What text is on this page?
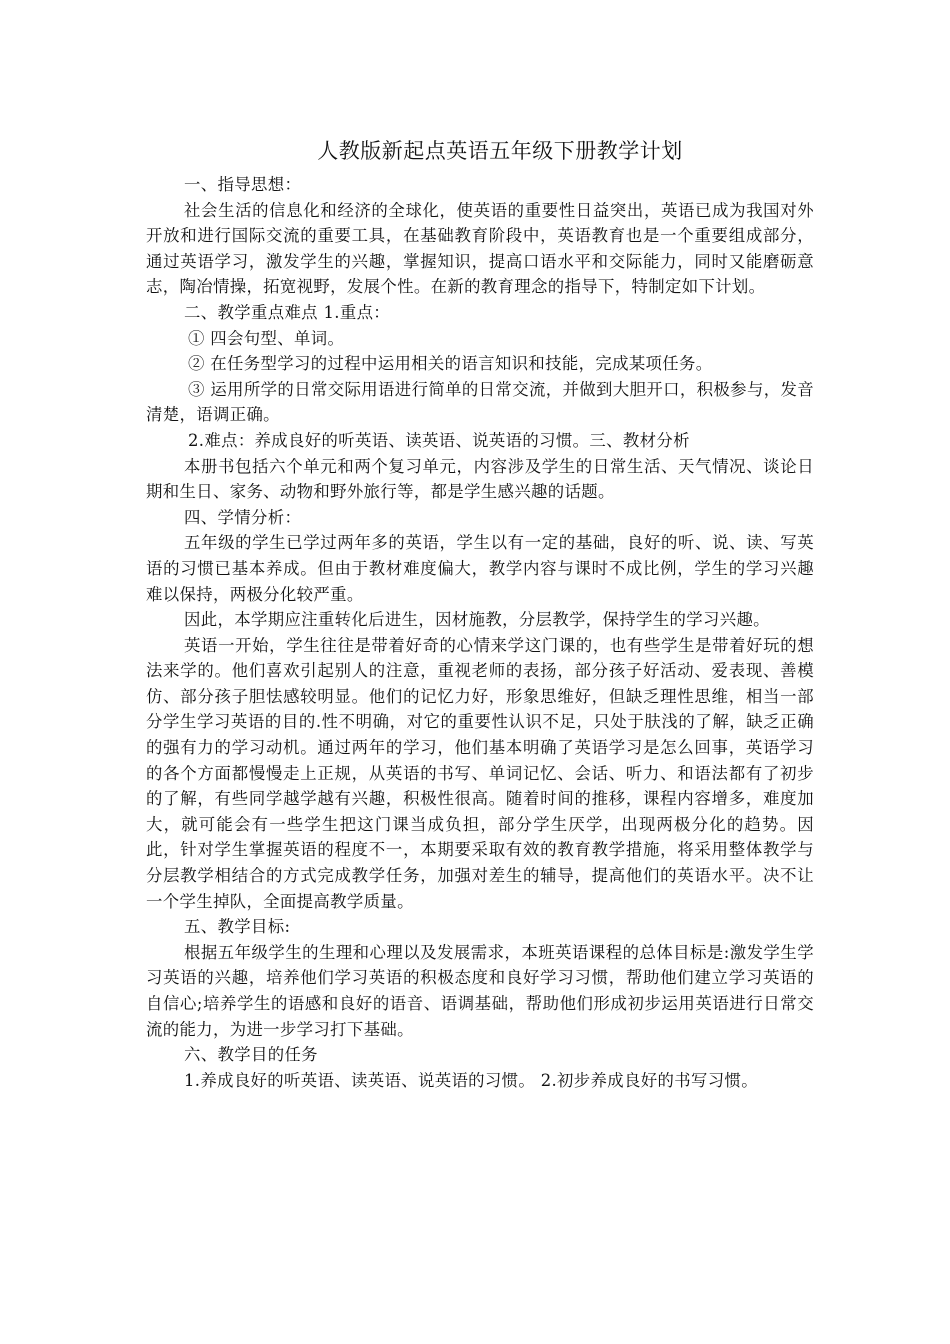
人教版新起点英语五年级下册教学计划

一、指导思想：

社会生活的信息化和经济的全球化，使英语的重要性日益突出，英语已成为我国对外开放和进行国际交流的重要工具，在基础教育阶段中，英语教育也是一个重要组成部分，通过英语学习，激发学生的兴趣，掌握知识，提高口语水平和交际能力，同时又能磨砺意志，陶冶情操，拓宽视野，发展个性。在新的教育理念的指导下，特制定如下计划。

二、教学重点难点 1.重点：

① 四会句型、单词。

② 在任务型学习的过程中运用相关的语言知识和技能，完成某项任务。

③ 运用所学的日常交际用语进行简单的日常交流，并做到大胆开口，积极参与，发音清楚，语调正确。

2.难点：养成良好的听英语、读英语、说英语的习惯。三、教材分析

本册书包括六个单元和两个复习单元，内容涉及学生的日常生活、天气情况、谈论日期和生日、家务、动物和野外旅行等，都是学生感兴趣的话题。

四、学情分析：

五年级的学生已学过两年多的英语，学生以有一定的基础，良好的听、说、读、写英语的习惯已基本养成。但由于教材难度偏大，教学内容与课时不成比例，学生的学习兴趣难以保持，两极分化较严重。

因此，本学期应注重转化后进生，因材施教，分层教学，保持学生的学习兴趣。

英语一开始，学生往往是带着好奇的心情来学这门课的，也有些学生是带着好玩的想法来学的。他们喜欢引起别人的注意，重视老师的表扬，部分孩子好活动、爱表现、善模仿、部分孩子胆怯感较明显。他们的记忆力好，形象思维好，但缺乏理性思维，相当一部分学生学习英语的目的.性不明确，对它的重要性认识不足，只处于肤浅的了解，缺乏正确的强有力的学习动机。通过两年的学习，他们基本明确了英语学习是怎么回事，英语学习的各个方面都慢慢走上正规，从英语的书写、单词记忆、会话、听力、和语法都有了初步的了解，有些同学越学越有兴趣，积极性很高。随着时间的推移，课程内容增多，难度加大，就可能会有一些学生把这门课当成负担，部分学生厌学，出现两极分化的趋势。因此，针对学生掌握英语的程度不一，本期要采取有效的教育教学措施，将采用整体教学与分层教学相结合的方式完成教学任务，加强对差生的辅导，提高他们的英语水平。决不让一个学生掉队，全面提高教学质量。

五、教学目标:

根据五年级学生的生理和心理以及发展需求，本班英语课程的总体目标是:激发学生学习英语的兴趣，培养他们学习英语的积极态度和良好学习习惯，帮助他们建立学习英语的自信心;培养学生的语感和良好的语音、语调基础，帮助他们形成初步运用英语进行日常交流的能力，为进一步学习打下基础。

六、教学目的任务

1.养成良好的听英语、读英语、说英语的习惯。 2.初步养成良好的书写习惯。
